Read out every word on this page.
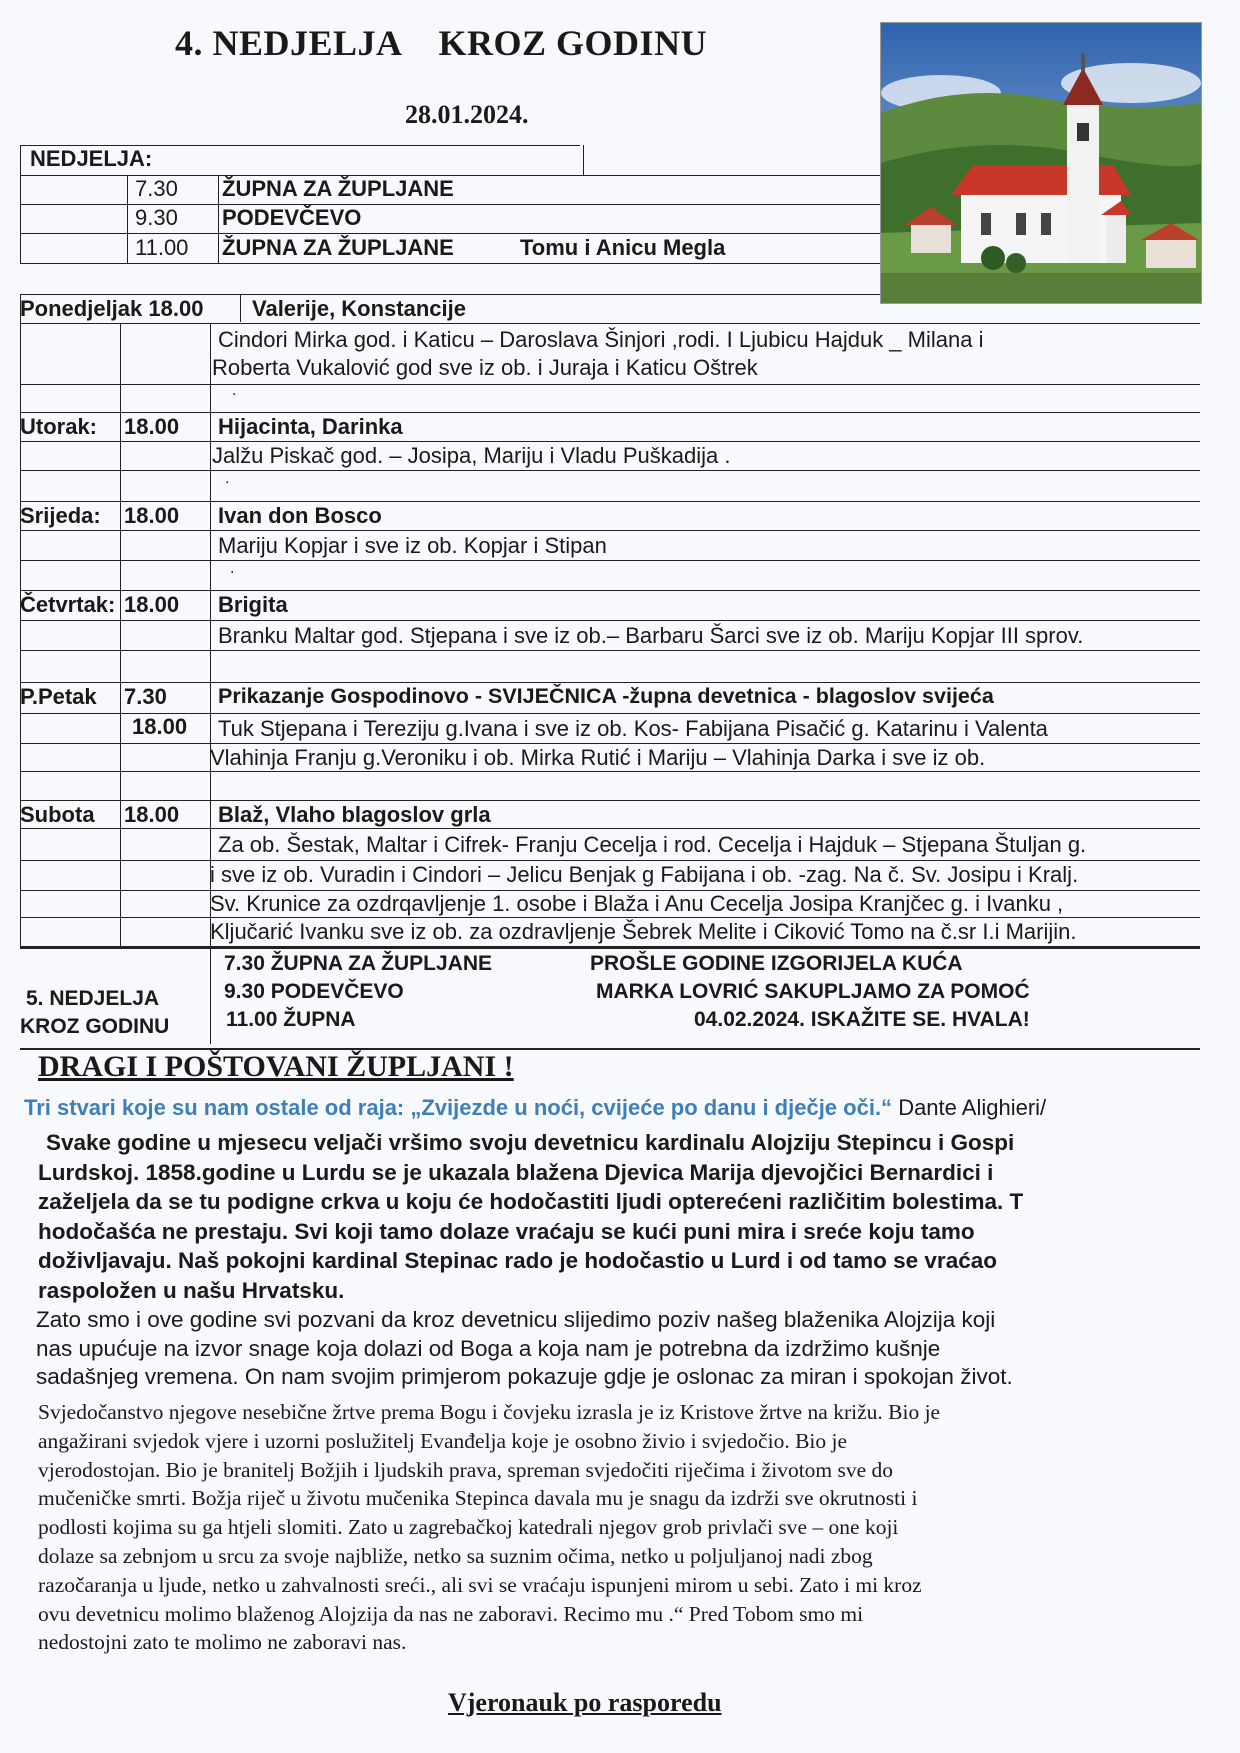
4. NEDJELJA    KROZ GODINU
28.01.2024.
NEDJELJA:
7.30 ŽUPNA ZA ŽUPLJANE
9.30 PODEVČEVO
11.00 ŽUPNA ZA ŽUPLJANE	Tomu i Anicu Megla
Ponedjeljak 18.00 Valerije, Konstancije
Cindori Mirka god. i Katicu – Daroslava Šinjori ,rodi. I Ljubicu Hajduk _ Milana i
Roberta Vukalović god sve iz ob. i Juraja i Katicu Oštrek
.
Utorak: 18.00 Hijacinta, Darinka
Jalžu Piskač god. – Josipa, Mariju i Vladu Puškadija .
.
Srijeda: 18.00 Ivan don Bosco
Mariju Kopjar i sve iz ob. Kopjar i Stipan
.
Četvrtak: 18.00 Brigita
Branku Maltar god. Stjepana i sve iz ob.– Barbaru Šarci sve iz ob. Mariju Kopjar III sprov.
P.Petak 7.30 Prikazanje Gospodinovo - SVIJEČNICA -župna devetnica - blagoslov svijeća
18.00 Tuk Stjepana i Tereziju g.Ivana i sve iz ob. Kos- Fabijana Pisačić g. Katarinu i Valenta
Vlahinja Franju g.Veroniku i ob. Mirka Rutić i Mariju – Vlahinja Darka i sve iz ob.
Subota 18.00 Blaž, Vlaho blagoslov grla
Za ob. Šestak, Maltar i Cifrek- Franju Cecelja i rod. Cecelja i Hajduk – Stjepana Štuljan g.
i sve iz ob. Vuradin i Cindori – Jelicu Benjak g Fabijana i ob. -zag. Na č. Sv. Josipu i Kralj.
Sv. Krunice za ozdrqavljenje 1. osobe i Blaža i Anu Cecelja Josipa Kranjčec g. i Ivanku ,
Ključarić Ivanku sve iz ob. za ozdravljenje Šebrek Melite i Ciković Tomo na č.sr I.i Marijin.
5. NEDJELJA
KROZ GODINU
7.30 ŽUPNA ZA ŽUPLJANE
9.30 PODEVČEVO
11.00 ŽUPNA
PROŠLE GODINE IZGORIJELA KUĆA
MARKA LOVRIĆ SAKUPLJAMO ZA POMOĆ
04.02.2024. ISKAŽITE SE. HVALA!
DRAGI I POŠTOVANI ŽUPLJANI !
Tri stvari koje su nam ostale od raja: „Zvijezde u noći, cvijeće po danu i dječje oči.“ Dante Alighieri/

Svake godine u mjesecu veljači vršimo svoju devetnicu kardinalu Alojziju Stepincu i Gospi

Lurdskoj. 1858.godine u Lurdu se je ukazala blažena Djevica Marija djevojčici Bernardici i

zaželjela da se tu podigne crkva u koju će hodočastiti ljudi opterećeni različitim bolestima. T

hodočašća ne prestaju. Svi koji tamo dolaze vraćaju se kući puni mira i sreće koju tamo

doživljavaju. Naš pokojni kardinal Stepinac rado je hodočastio u Lurd i od tamo se vraćao

raspoložen u našu Hrvatsku.

Zato smo i ove godine svi pozvani da kroz devetnicu slijedimo poziv našeg blaženika Alojzija koji

nas upućuje na izvor snage koja dolazi od Boga a koja nam je potrebna da izdržimo kušnje

sadašnjeg vremena. On nam svojim primjerom pokazuje gdje je oslonac za miran i spokojan život.

Svjedočanstvo njegove nesebične žrtve prema Bogu i čovjeku izrasla je iz Kristove žrtve na križu. Bio je

angažirani svjedok vjere i uzorni poslužitelj Evanđelja koje je osobno živio i svjedočio. Bio je

vjerodostojan. Bio je branitelj Božjih i ljudskih prava, spreman svjedočiti riječima i životom sve do

mučeničke smrti. Božja riječ u životu mučenika Stepinca davala mu je snagu da izdrži sve okrutnosti i

podlosti kojima su ga htjeli slomiti. Zato u zagrebačkoj katedrali njegov grob privlači sve – one koji

dolaze sa zebnjom u srcu za svoje najbliže, netko sa suznim očima, netko u poljuljanoj nadi zbog

razočaranja u ljude, netko u zahvalnosti sreći., ali svi se vraćaju ispunjeni mirom u sebi. Zato i mi kroz

ovu devetnicu molimo blaženog Alojzija da nas ne zaboravi. Recimo mu .“ Pred Tobom smo mi

nedostojni zato te molimo ne zaboravi nas.

Vjeronauk po rasporedu
